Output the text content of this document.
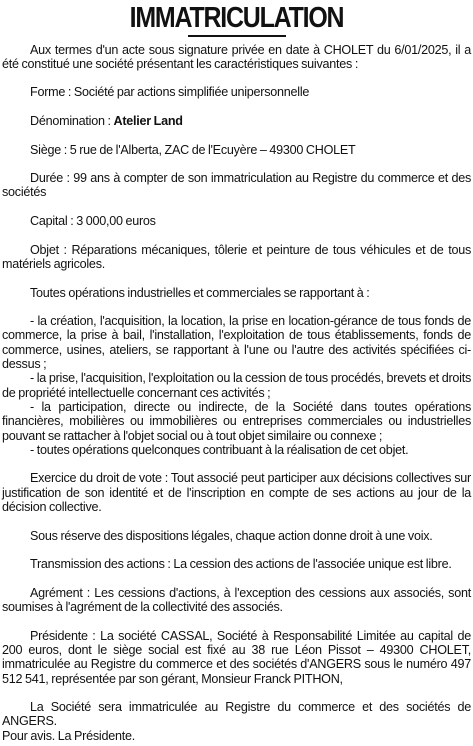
IMMATRICULATION

Aux termes d'un acte sous signature privée en date à CHOLET du 6/01/2025, il a été constitué une société présentant les caractéristiques suivantes :

Forme : Société par actions simplifiée unipersonnelle

Dénomination : Atelier Land

Siège : 5 rue de l'Alberta, ZAC de l'Ecuyère – 49300 CHOLET

Durée : 99 ans à compter de son immatriculation au Registre du commerce et des sociétés

Capital : 3 000,00 euros

Objet : Réparations mécaniques, tôlerie et peinture de tous véhicules et de tous matériels agricoles.

Toutes opérations industrielles et commerciales se rapportant à :

- la création, l'acquisition, la location, la prise en location-gérance de tous fonds de commerce, la prise à bail, l'installation, l'exploitation de tous établissements, fonds de commerce, usines, ateliers, se rapportant à l'une ou l'autre des activités spécifiées ci-dessus ;

- la prise, l'acquisition, l'exploitation ou la cession de tous procédés, brevets et droits de propriété intellectuelle concernant ces activités ;

- la participation, directe ou indirecte, de la Société dans toutes opérations financières, mobilières ou immobilières ou entreprises commerciales ou industrielles pouvant se rattacher à l'objet social ou à tout objet similaire ou connexe ;

- toutes opérations quelconques contribuant à la réalisation de cet objet.

Exercice du droit de vote : Tout associé peut participer aux décisions collectives sur justification de son identité et de l'inscription en compte de ses actions au jour de la décision collective.

Sous réserve des dispositions légales, chaque action donne droit à une voix.

Transmission des actions : La cession des actions de l'associée unique est libre.

Agrément : Les cessions d'actions, à l'exception des cessions aux associés, sont soumises à l'agrément de la collectivité des associés.

Présidente : La société CASSAL, Société à Responsabilité Limitée au capital de 200 euros, dont le siège social est fixé au 38 rue Léon Pissot – 49300 CHOLET, immatriculée au Registre du commerce et des sociétés d'ANGERS sous le numéro 497 512 541, représentée par son gérant, Monsieur Franck PITHON,

La Société sera immatriculée au Registre du commerce et des sociétés de ANGERS.

Pour avis. La Présidente.
